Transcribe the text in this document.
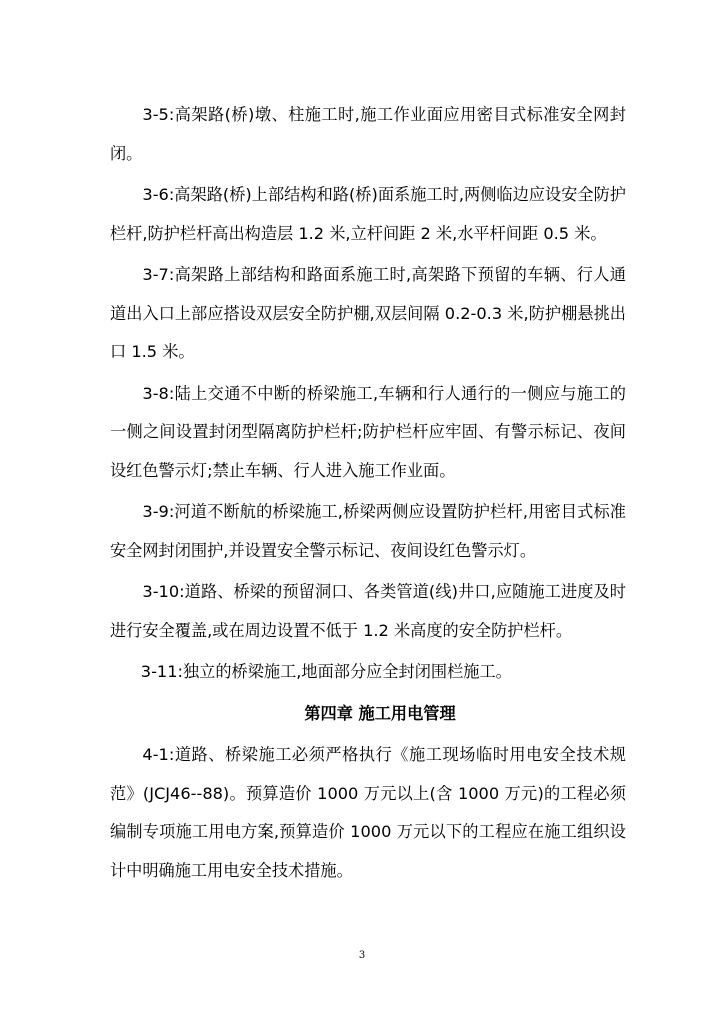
3-5:高架路(桥)墩、柱施工时,施工作业面应用密目式标准安全网封闭。

3-6:高架路(桥)上部结构和路(桥)面系施工时,两侧临边应设安全防护栏杆,防护栏杆高出构造层 1.2 米,立杆间距 2 米,水平杆间距 0.5 米。

3-7:高架路上部结构和路面系施工时,高架路下预留的车辆、行人通道出入口上部应搭设双层安全防护棚,双层间隔 0.2-0.3 米,防护棚悬挑出口 1.5 米。

3-8:陆上交通不中断的桥梁施工,车辆和行人通行的一侧应与施工的一侧之间设置封闭型隔离防护栏杆;防护栏杆应牢固、有警示标记、夜间设红色警示灯;禁止车辆、行人进入施工作业面。

3-9:河道不断航的桥梁施工,桥梁两侧应设置防护栏杆,用密目式标准安全网封闭围护,并设置安全警示标记、夜间设红色警示灯。

3-10:道路、桥梁的预留洞口、各类管道(线)井口,应随施工进度及时进行安全覆盖,或在周边设置不低于 1.2 米高度的安全防护栏杆。

3-11:独立的桥梁施工,地面部分应全封闭围栏施工。

第四章 施工用电管理

4-1:道路、桥梁施工必须严格执行《施工现场临时用电安全技术规范》(JCJ46--88)。预算造价 1000 万元以上(含 1000 万元)的工程必须编制专项施工用电方案,预算造价 1000 万元以下的工程应在施工组织设计中明确施工用电安全技术措施。

3
